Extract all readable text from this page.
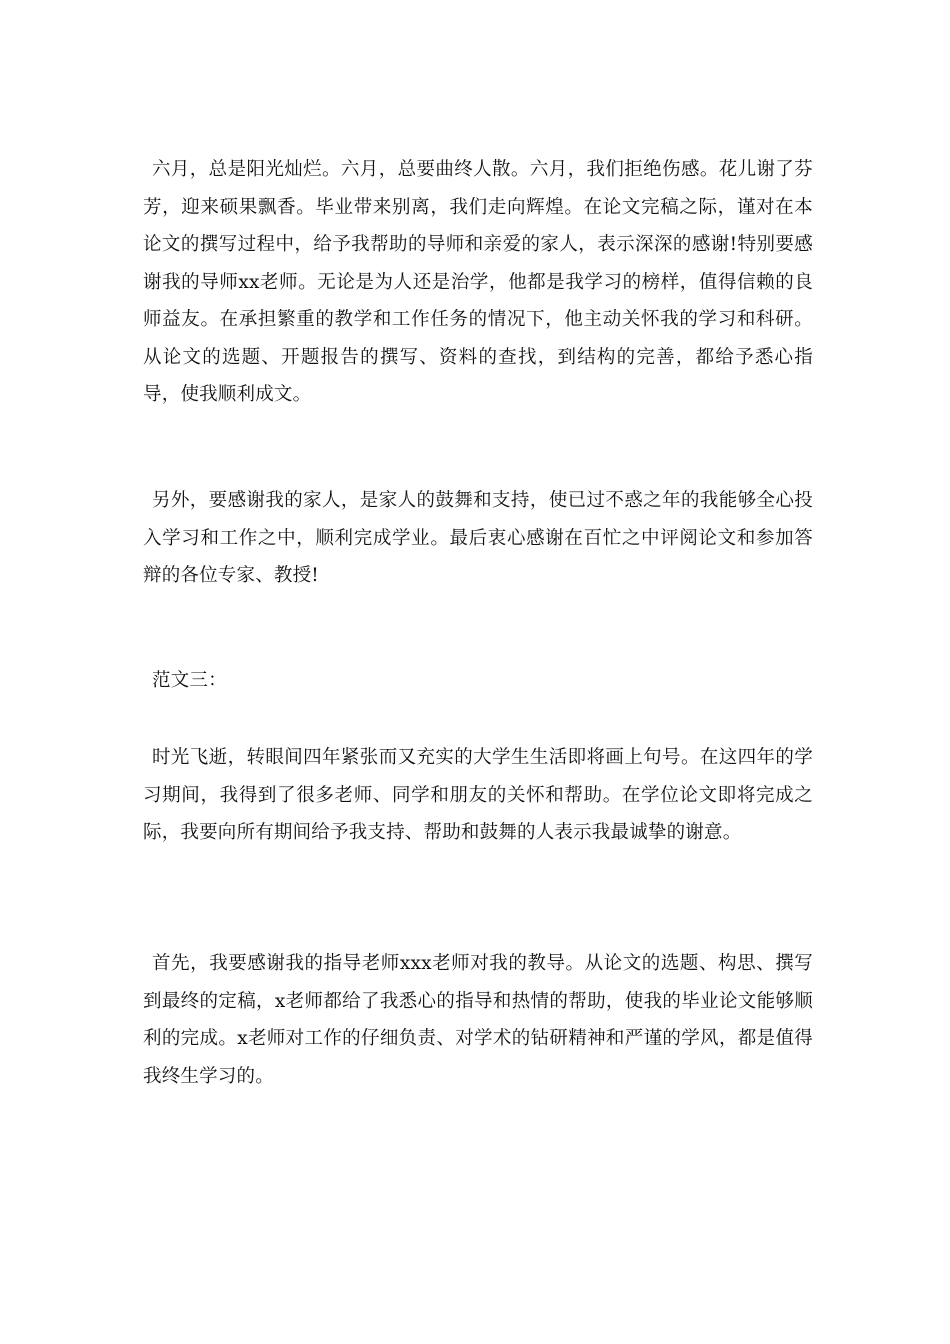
六月，总是阳光灿烂。六月，总要曲终人散。六月，我们拒绝伤感。花儿谢了芬芳，迎来硕果飘香。毕业带来别离，我们走向辉煌。在论文完稿之际，谨对在本论文的撰写过程中，给予我帮助的导师和亲爱的家人，表示深深的感谢!特别要感谢我的导师xx老师。无论是为人还是治学，他都是我学习的榜样，值得信赖的良师益友。在承担繁重的教学和工作任务的情况下，他主动关怀我的学习和科研。从论文的选题、开题报告的撰写、资料的查找，到结构的完善，都给予悉心指导，使我顺利成文。

另外，要感谢我的家人，是家人的鼓舞和支持，使已过不惑之年的我能够全心投入学习和工作之中，顺利完成学业。最后衷心感谢在百忙之中评阅论文和参加答辩的各位专家、教授!

范文三：

时光飞逝，转眼间四年紧张而又充实的大学生生活即将画上句号。在这四年的学习期间，我得到了很多老师、同学和朋友的关怀和帮助。在学位论文即将完成之际，我要向所有期间给予我支持、帮助和鼓舞的人表示我最诚挚的谢意。

首先，我要感谢我的指导老师xxx老师对我的教导。从论文的选题、构思、撰写到最终的定稿，x老师都给了我悉心的指导和热情的帮助，使我的毕业论文能够顺利的完成。x老师对工作的仔细负责、对学术的钻研精神和严谨的学风，都是值得我终生学习的。
